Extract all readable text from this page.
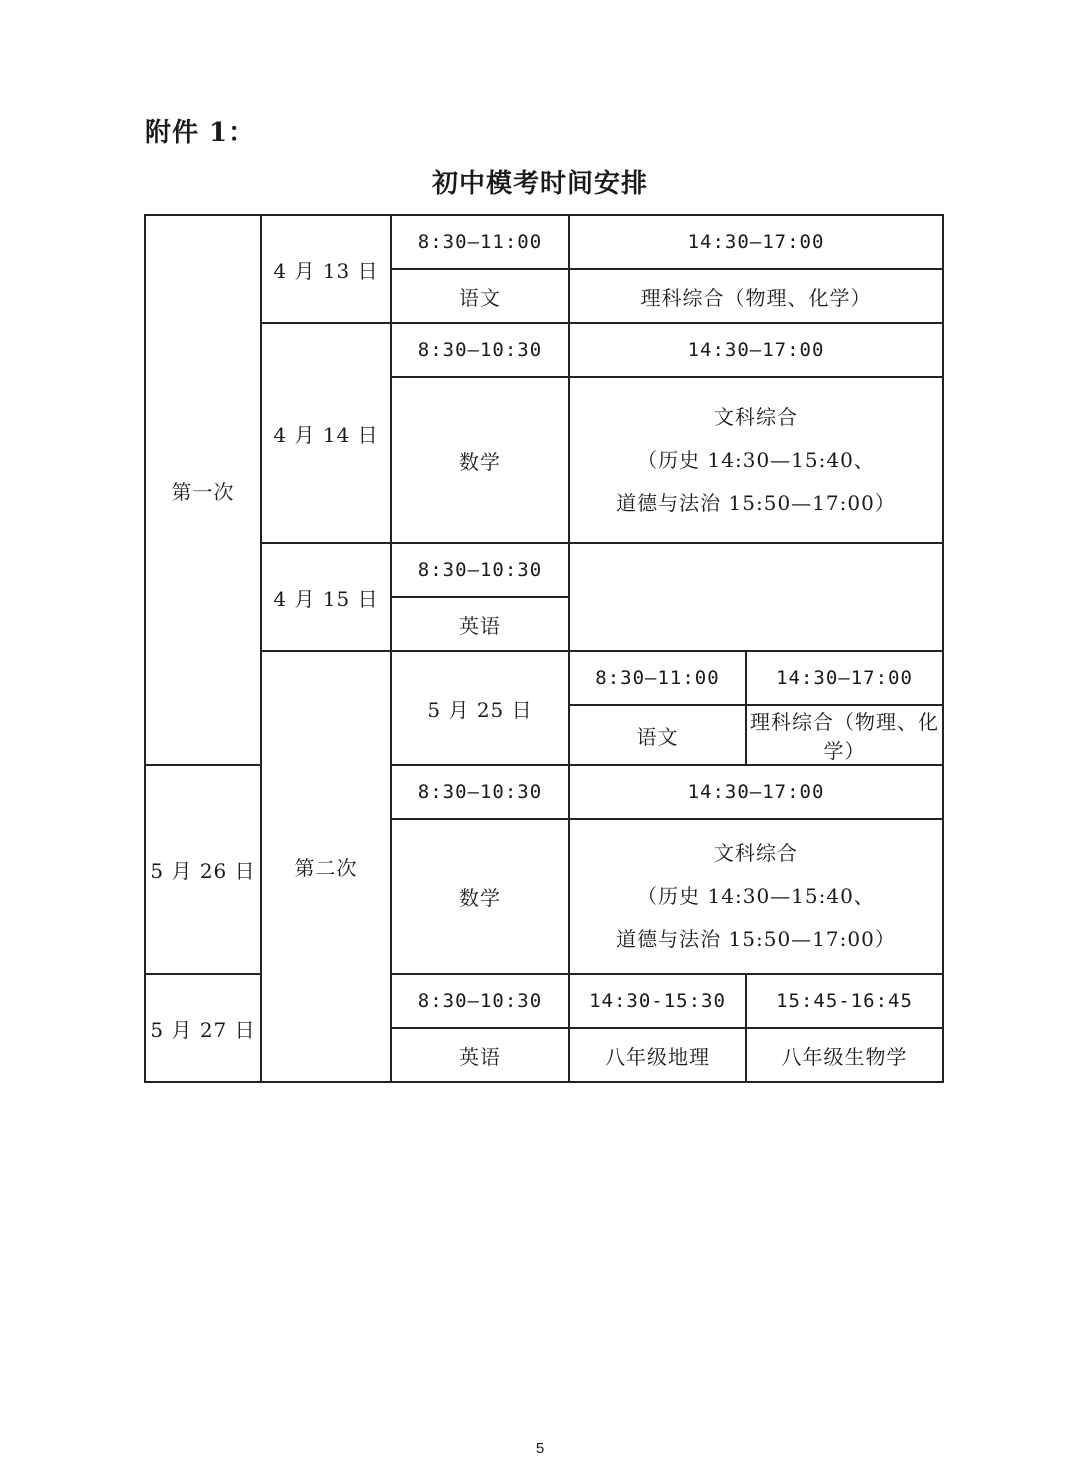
附件 1：
初中模考时间安排
第一次	4 月 13 日	8:30—11:00	14:30—17:00	
		语文	理科综合（物理、化学）	
	4 月 14 日	8:30—10:30	14:30—17:00	
		数学	文科综合
（历史 14:30—15:40、
道德与法治 15:50—17:00）	

	4 月 15 日	8:30—10:30		
		英语		
	第二次	5 月 25 日	8:30—11:00	14:30—17:00
			语文	理科综合（物理、化学）
5 月 26 日		8:30—10:30	14:30—17:00	
		数学	文科综合
（历史 14:30—15:40、
道德与法治 15:50—17:00）	

5 月 27 日		8:30—10:30	14:30-15:30	15:45-16:45
		英语	八年级地理	八年级生物学
5
